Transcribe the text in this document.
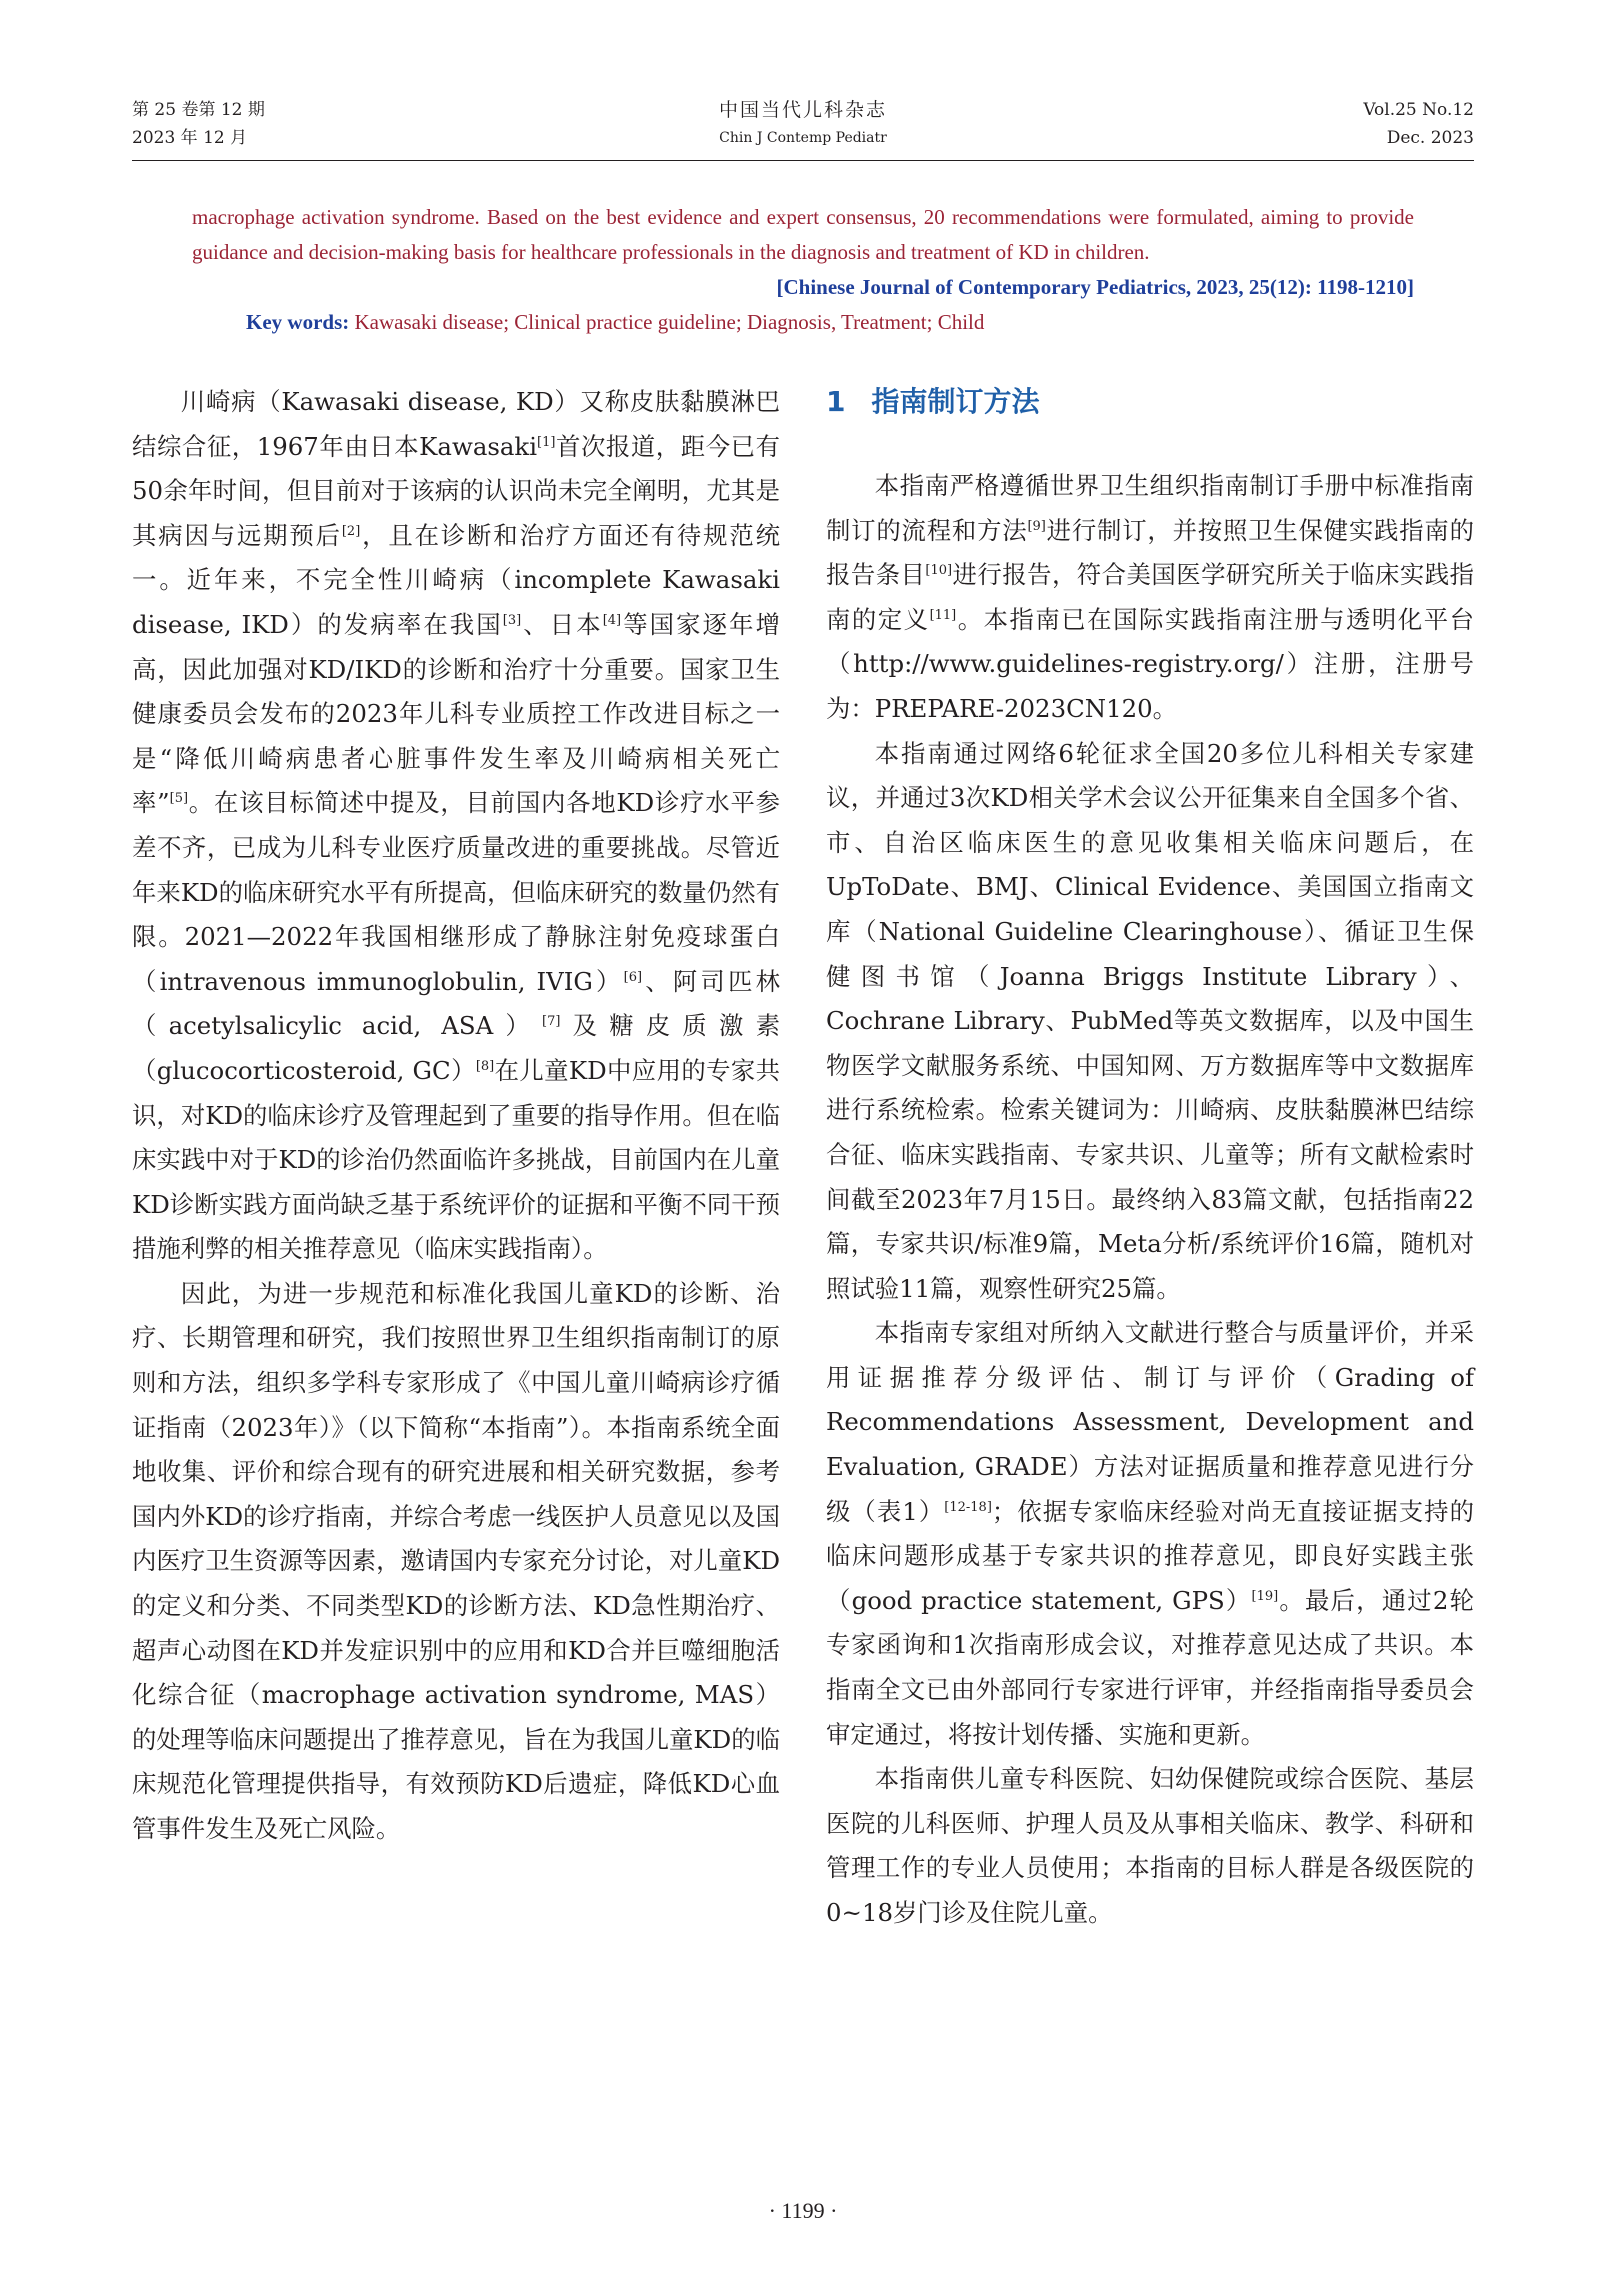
第 25 卷第 12 期
2023 年 12 月
中国当代儿科杂志
Chin J Contemp Pediatr
Vol.25 No.12
Dec. 2023
macrophage activation syndrome. Based on the best evidence and expert consensus, 20 recommendations were formulated, aiming to provide guidance and decision-making basis for healthcare professionals in the diagnosis and treatment of KD in children.
[Chinese Journal of Contemporary Pediatrics, 2023, 25(12): 1198-1210]
Key words: Kawasaki disease; Clinical practice guideline; Diagnosis, Treatment; Child

川崎病（Kawasaki disease, KD）又称皮肤黏膜淋巴结综合征，1967年由日本Kawasaki[1]首次报道，距今已有50余年时间，但目前对于该病的认识尚未完全阐明，尤其是其病因与远期预后[2]，且在诊断和治疗方面还有待规范统一。近年来，不完全性川崎病（incomplete Kawasaki disease, IKD）的发病率在我国[3]、日本[4]等国家逐年增高，因此加强对KD/IKD的诊断和治疗十分重要。国家卫生健康委员会发布的2023年儿科专业质控工作改进目标之一是“降低川崎病患者心脏事件发生率及川崎病相关死亡率”[5]。在该目标简述中提及，目前国内各地KD诊疗水平参差不齐，已成为儿科专业医疗质量改进的重要挑战。尽管近年来KD的临床研究水平有所提高，但临床研究的数量仍然有限。2021—2022年我国相继形成了静脉注射免疫球蛋白（intravenous immunoglobulin, IVIG）[6]、阿司匹林（acetylsalicylic acid, ASA）[7]及糖皮质激素（glucocorticosteroid, GC）[8]在儿童KD中应用的专家共识，对KD的临床诊疗及管理起到了重要的指导作用。但在临床实践中对于KD的诊治仍然面临许多挑战，目前国内在儿童KD诊断实践方面尚缺乏基于系统评价的证据和平衡不同干预措施利弊的相关推荐意见（临床实践指南）。

因此，为进一步规范和标准化我国儿童KD的诊断、治疗、长期管理和研究，我们按照世界卫生组织指南制订的原则和方法，组织多学科专家形成了《中国儿童川崎病诊疗循证指南（2023年）》（以下简称“本指南”）。本指南系统全面地收集、评价和综合现有的研究进展和相关研究数据，参考国内外KD的诊疗指南，并综合考虑一线医护人员意见以及国内医疗卫生资源等因素，邀请国内专家充分讨论，对儿童KD的定义和分类、不同类型KD的诊断方法、KD急性期治疗、超声心动图在KD并发症识别中的应用和KD合并巨噬细胞活化综合征（macrophage activation syndrome, MAS）的处理等临床问题提出了推荐意见，旨在为我国儿童KD的临床规范化管理提供指导，有效预防KD后遗症，降低KD心血管事件发生及死亡风险。

1 指南制订方法

本指南严格遵循世界卫生组织指南制订手册中标准指南制订的流程和方法[9]进行制订，并按照卫生保健实践指南的报告条目[10]进行报告，符合美国医学研究所关于临床实践指南的定义[11]。本指南已在国际实践指南注册与透明化平台（http://www.guidelines-registry.org/）注册，注册号为：PREPARE-2023CN120。

本指南通过网络6轮征求全国20多位儿科相关专家建议，并通过3次KD相关学术会议公开征集来自全国多个省、市、自治区临床医生的意见收集相关临床问题后，在UpToDate、BMJ、Clinical Evidence、美国国立指南文库（National Guideline Clearinghouse）、循证卫生保健图书馆（Joanna Briggs Institute Library）、Cochrane Library、PubMed等英文数据库，以及中国生物医学文献服务系统、中国知网、万方数据库等中文数据库进行系统检索。检索关键词为：川崎病、皮肤黏膜淋巴结综合征、临床实践指南、专家共识、儿童等；所有文献检索时间截至2023年7月15日。最终纳入83篇文献，包括指南22篇，专家共识/标准9篇，Meta分析/系统评价16篇，随机对照试验11篇，观察性研究25篇。

本指南专家组对所纳入文献进行整合与质量评价，并采用证据推荐分级评估、制订与评价（Grading of Recommendations Assessment, Development and Evaluation, GRADE）方法对证据质量和推荐意见进行分级（表1）[12-18]；依据专家临床经验对尚无直接证据支持的临床问题形成基于专家共识的推荐意见，即良好实践主张（good practice statement, GPS）[19]。最后，通过2轮专家函询和1次指南形成会议，对推荐意见达成了共识。本指南全文已由外部同行专家进行评审，并经指南指导委员会审定通过，将按计划传播、实施和更新。

本指南供儿童专科医院、妇幼保健院或综合医院、基层医院的儿科医师、护理人员及从事相关临床、教学、科研和管理工作的专业人员使用；本指南的目标人群是各级医院的0~18岁门诊及住院儿童。

· 1199 ·
